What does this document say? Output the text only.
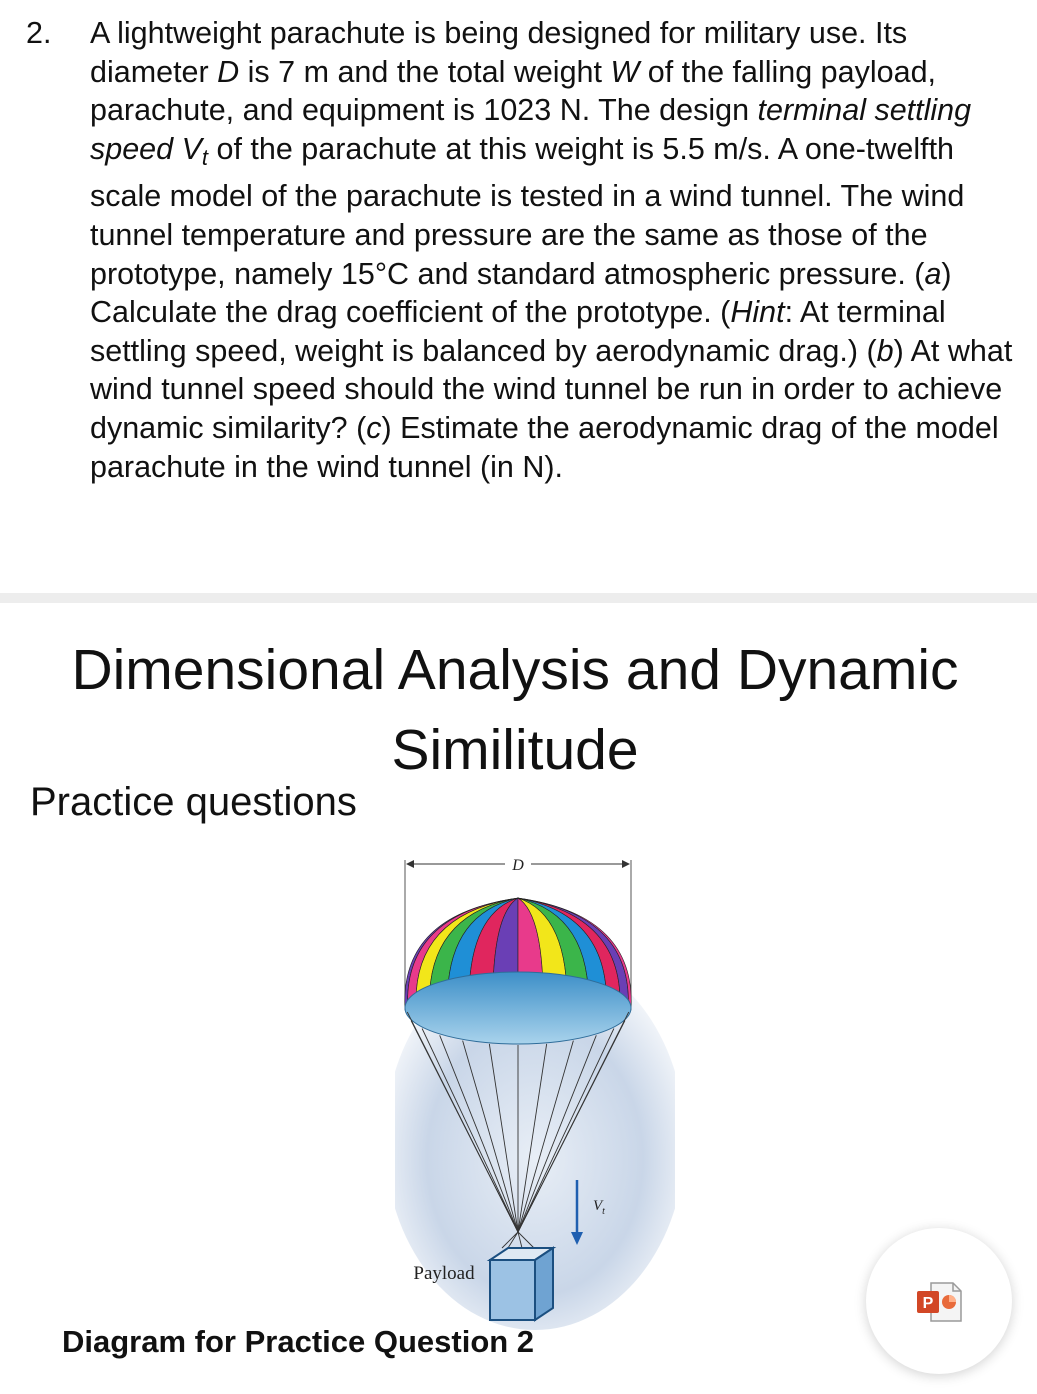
2.	A lightweight parachute is being designed for military use. Its diameter D is 7 m and the total weight W of the falling payload, parachute, and equipment is 1023 N. The design terminal settling speed Vt of the parachute at this weight is 5.5 m/s. A one-twelfth scale model of the parachute is tested in a wind tunnel. The wind tunnel temperature and pressure are the same as those of the prototype, namely 15°C and standard atmospheric pressure. (a) Calculate the drag coefficient of the prototype. (Hint: At terminal settling speed, weight is balanced by aerodynamic drag.) (b) At what wind tunnel speed should the wind tunnel be run in order to achieve dynamic similarity? (c) Estimate the aerodynamic drag of the model parachute in the wind tunnel (in N).
Dimensional Analysis and Dynamic Similitude
Practice questions
D
Payload
$V_t$
Diagram for Practice Question 2
P
